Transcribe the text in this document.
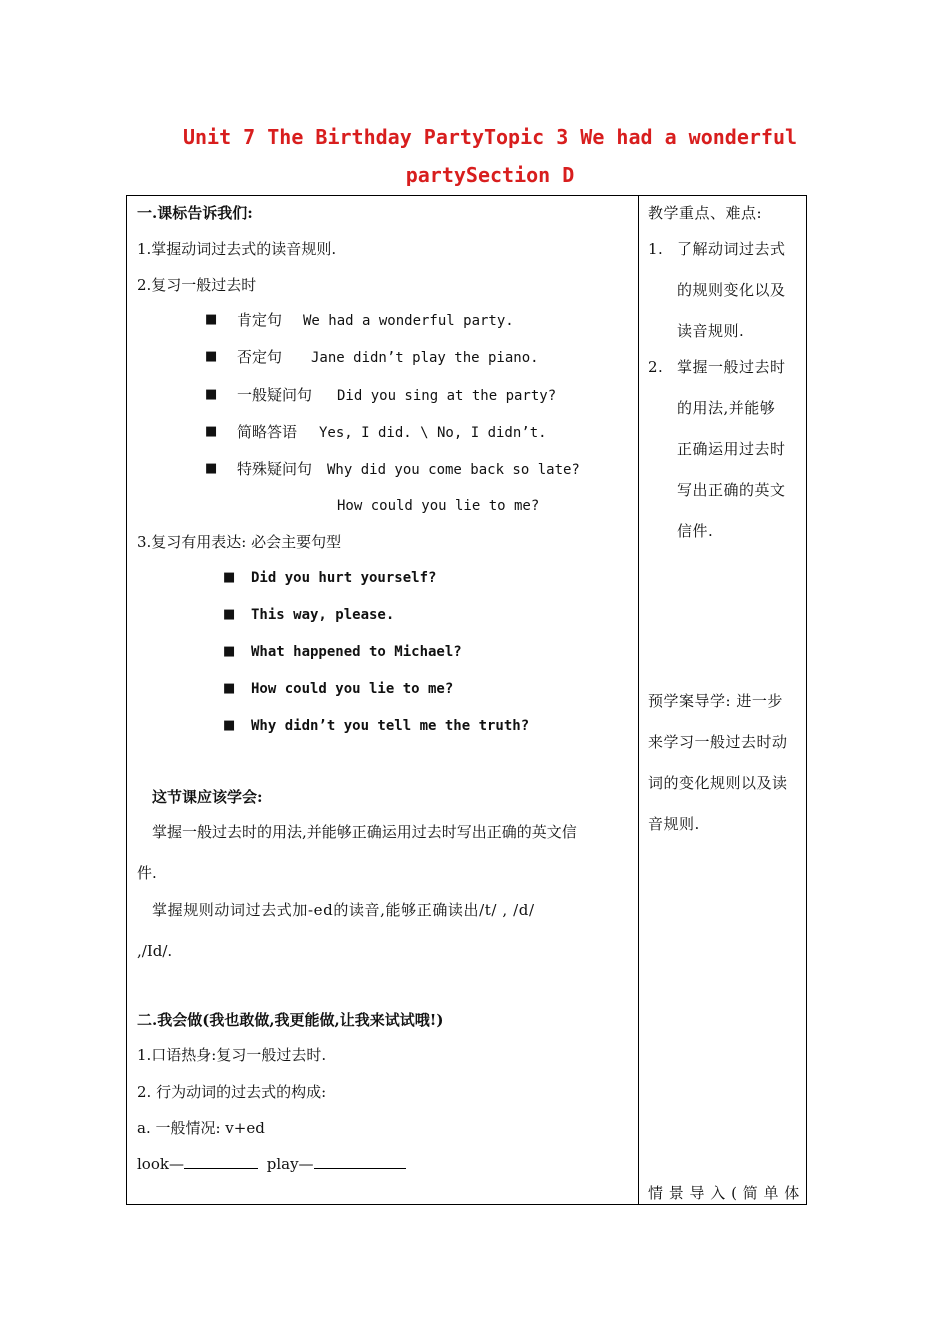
Unit 7 The Birthday PartyTopic 3 We had a wonderful
partySection D
一.课标告诉我们:
1.掌握动词过去式的读音规则.
2.复习一般过去时
■ 肯定句 We had a wonderful party.
■ 否定句 Jane didn’t play the piano.
■ 一般疑问句 Did you sing at the party?
■ 简略答语 Yes, I did. \ No, I didn’t.
■ 特殊疑问句 Why did you come back so late?
How could you lie to me?
3.复习有用表达: 必会主要句型
■ Did you hurt yourself?
■ This way, please.
■ What happened to Michael?
■ How could you lie to me?
■ Why didn’t you tell me the truth?
这节课应该学会:
掌握一般过去时的用法,并能够正确运用过去时写出正确的英文信
件.
掌握规则动词过去式加-ed的读音,能够正确读出/t/ , /d/
,/Id/.
二.我会做(我也敢做,我更能做,让我来试试哦!)
1.口语热身:复习一般过去时.
2. 行为动词的过去式的构成:
a. 一般情况: v+ed
look—	play—
教学重点、难点:
1. 了解动词过去式
的规则变化以及
读音规则.
2. 掌握一般过去时
的用法,并能够
正确运用过去时
写出正确的英文
信件.
预学案导学: 进一步
来学习一般过去时动
词的变化规则以及读
音规则.
情 景 导 入 ( 简 单 体
